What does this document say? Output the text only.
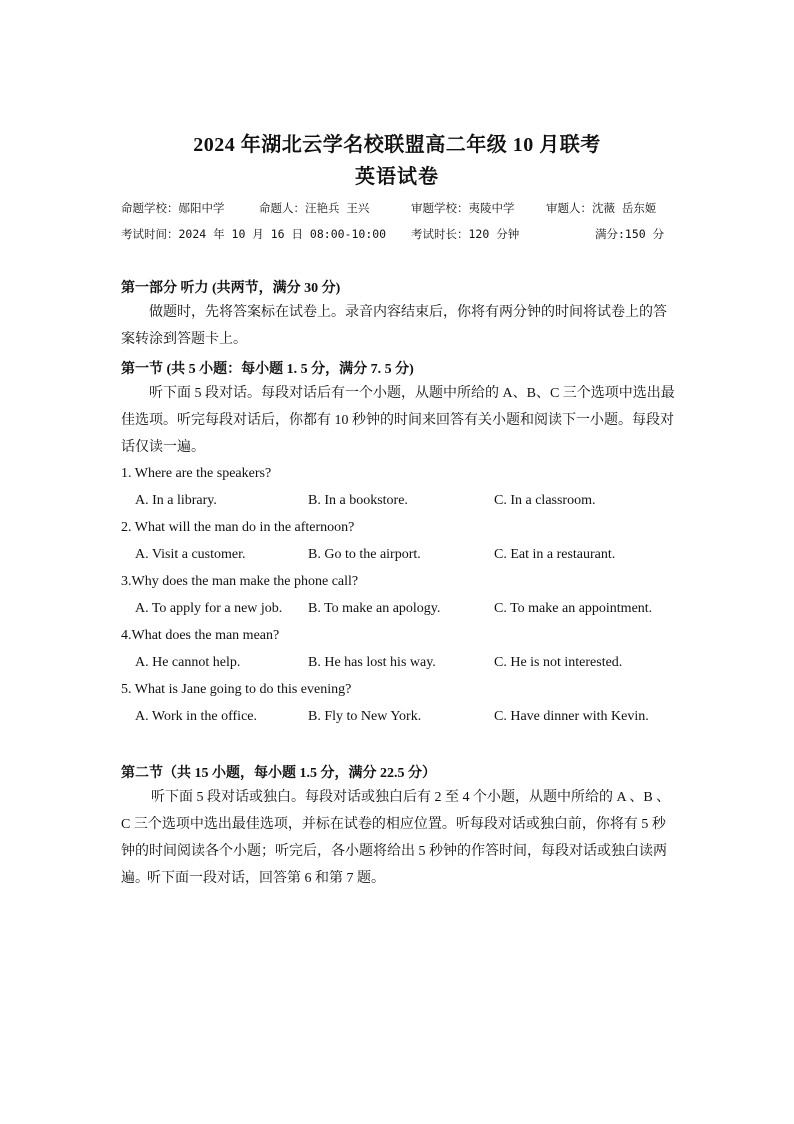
2024 年湖北云学名校联盟高二年级 10 月联考
英语试卷
命题学校：郧阳中学	命题人：汪艳兵 王兴	审题学校：夷陵中学	审题人：沈薇 岳东姬
考试时间：2024 年 10 月 16 日 08:00-10:00 考试时长：120 分钟	满分:150 分
第一部分 听力 (共两节，满分 30 分)
做题时，先将答案标在试卷上。录音内容结束后，你将有两分钟的时间将试卷上的答案转涂到答题卡上。
第一节 (共 5 小题：每小题 1. 5 分，满分 7. 5 分)
听下面 5 段对话。每段对话后有一个小题，从题中所给的 A、B、C 三个选项中选出最佳选项。听完每段对话后，你都有 10 秒钟的时间来回答有关小题和阅读下一小题。每段对话仅读一遍。
1. Where are the speakers?
A. In a library.	B. In a bookstore.	C. In a classroom.
2. What will the man do in the afternoon?
A. Visit a customer.	B. Go to the airport.	C. Eat in a restaurant.
3.Why does the man make the phone call?
A. To apply for a new job. B. To make an apology.	C. To make an appointment.
4.What does the man mean?
A. He cannot help.	B. He has lost his way.	C. He is not interested.
5. What is Jane going to do this evening?
A. Work in the office.	B. Fly to New York.	C. Have dinner with Kevin.
第二节（共 15 小题，每小题 1.5 分，满分 22.5 分）
听下面 5 段对话或独白。每段对话或独白后有 2 至 4 个小题，从题中所给的 A 、B 、C 三个选项中选出最佳选项，并标在试卷的相应位置。听每段对话或独白前，你将有 5 秒钟的时间阅读各个小题；听完后，各小题将给出 5 秒钟的作答时间，每段对话或独白读两遍。
听下面一段对话，回答第 6 和第 7 题。
